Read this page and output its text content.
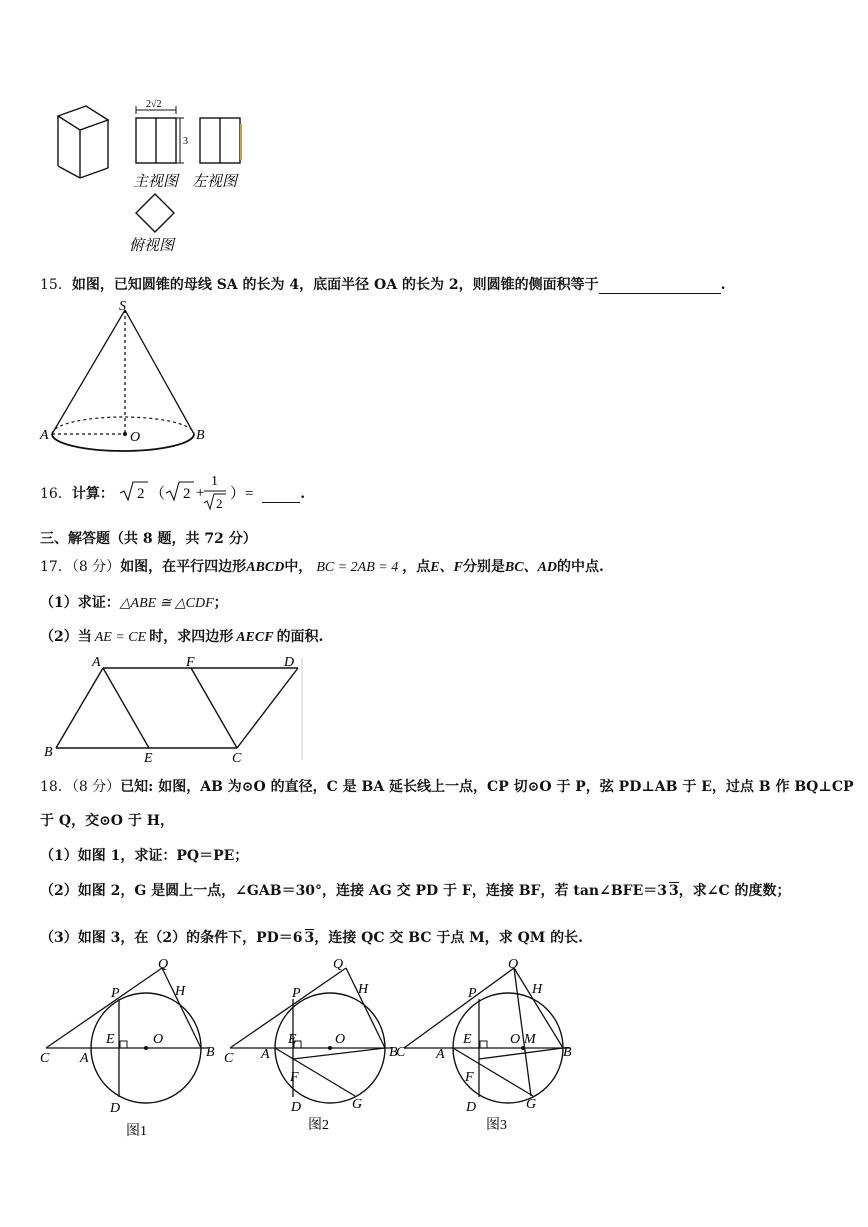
2√2
3
主视图 左视图
俯视图
15．如图，已知圆锥的母线 SA 的长为 4，底面半径 OA 的长为 2，则圆锥的侧面积等于	.
S
A	O	B
16．计算： 2 （ 2 +
1
2
）=	.
三、解答题（共 8 题，共 72 分）
17．（8 分）如图，在平行四边形ABCD中， BC = 2AB = 4 ，点E、F分别是BC、AD的中点.
（1）求证：△ABE ≅ △CDF；
（2）当 AE = CE 时，求四边形 AECF 的面积.
A	F	D
B	E	C
18．（8 分）已知: 如图，AB 为⊙O 的直径，C 是 BA 延长线上一点，CP 切⊙O 于 P，弦 PD⊥AB 于 E，过点 B 作 BQ⊥CP
于 Q，交⊙O 于 H，
（1）如图 1，求证：PQ＝PE；
（2）如图 2，G 是圆上一点，∠GAB＝30°，连接 AG 交 PD 于 F，连接 BF，若 tan∠BFE＝3 3，求∠C 的度数；
（3）如图 3，在（2）的条件下，PD＝6 3，连接 QC 交 BC 于点 M，求 QM 的长.
Q
P	H
E	O
C A	B
D
图1
Q
P	H
E	O
C A	B
F
D	G
图2
Q
P	H
E	O M
C A	B
F
D	G
图3
